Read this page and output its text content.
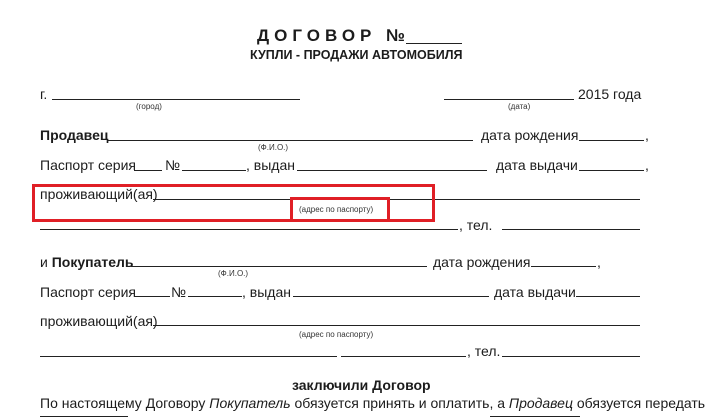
ДОГОВОР №
КУПЛИ - ПРОДАЖИ АВТОМОБИЛЯ
г.
(город)
2015 года
(дата)
Продавец	дата рождения	,
(Ф.И.О.)
Паспорт серия №	, выдан	дата выдачи	,
проживающий(ая)
(адрес по паспорту)
, тел.
и Покупатель	дата рождения	,
(Ф.И.О.)
Паспорт серия	№	, выдан	дата выдачи
проживающий(ая)
(адрес по паспорту)
, тел.
заключили Договор
По настоящему Договору Покупатель обязуется принять и оплатить, а Продавец обязуется передать
